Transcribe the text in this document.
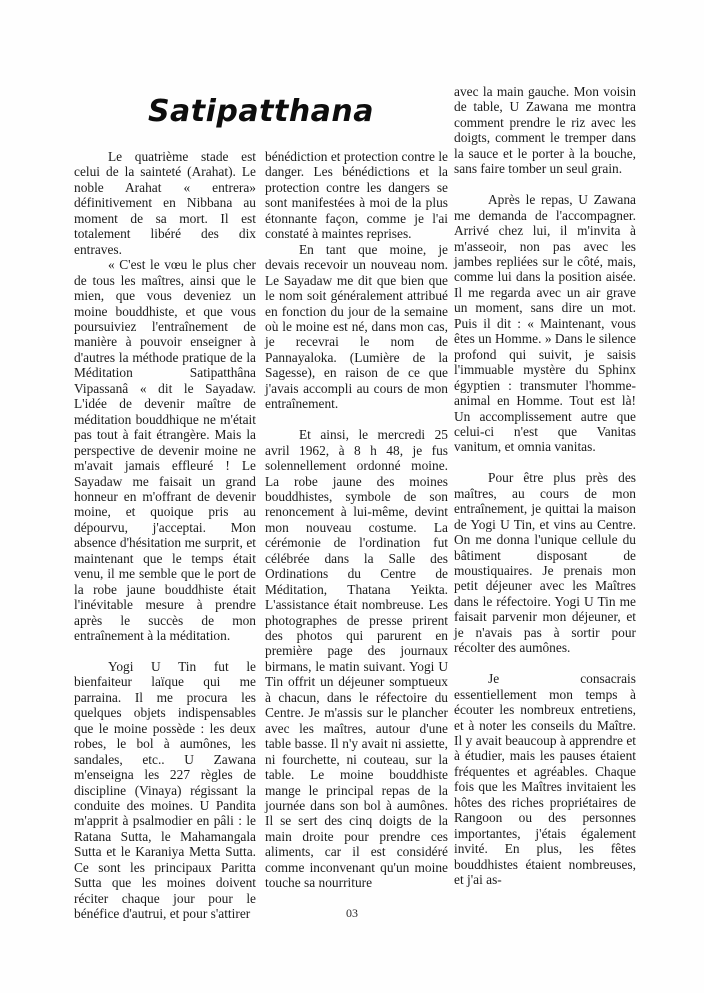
Satipatthana

Le quatrième stade est celui de la sainteté (Arahat). Le noble Arahat « entrera» définitivement en Nibbana au moment de sa mort. Il est totalement libéré des dix entraves.

« C'est le vœu le plus cher de tous les maîtres, ainsi que le mien, que vous deveniez un moine bouddhiste, et que vous poursuiviez l'entraînement de manière à pouvoir enseigner à d'autres la méthode pratique de la Méditation Satipatthâna Vipassanâ « dit le Sayadaw. L'idée de devenir maître de méditation bouddhique ne m'était pas tout à fait étrangère. Mais la perspective de devenir moine ne m'avait jamais effleuré ! Le Sayadaw me faisait un grand honneur en m'offrant de devenir moine, et quoique pris au dépourvu, j'acceptai. Mon absence d'hésitation me surprit, et maintenant que le temps était venu, il me semble que le port de la robe jaune bouddhiste était l'inévitable mesure à prendre après le succès de mon entraînement à la méditation.

Yogi U Tin fut le bienfaiteur laïque qui me parraina. Il me procura les quelques objets indispensables que le moine possède : les deux robes, le bol à aumônes, les sandales, etc.. U Zawana m'enseigna les 227 règles de discipline (Vinaya) régissant la conduite des moines. U Pandita m'apprit à psalmodier en pâli : le Ratana Sutta, le Mahamangala Sutta et le Karaniya Metta Sutta. Ce sont les principaux Paritta Sutta que les moines doivent réciter chaque jour pour le bénéfice d'autrui, et pour s'attirer

bénédiction et protection contre le danger. Les bénédictions et la protection contre les dangers se sont manifestées à moi de la plus étonnante façon, comme je l'ai constaté à maintes reprises.

En tant que moine, je devais recevoir un nouveau nom. Le Sayadaw me dit que bien que le nom soit généralement attribué en fonction du jour de la semaine où le moine est né, dans mon cas, je recevrai le nom de Pannayaloka. (Lumière de la Sagesse), en raison de ce que j'avais accompli au cours de mon entraînement.

Et ainsi, le mercredi 25 avril 1962, à 8 h 48, je fus solennellement ordonné moine. La robe jaune des moines bouddhistes, symbole de son renoncement à lui-même, devint mon nouveau costume. La cérémonie de l'ordination fut célébrée dans la Salle des Ordinations du Centre de Méditation, Thatana Yeikta. L'assistance était nombreuse. Les photographes de presse prirent des photos qui parurent en première page des journaux birmans, le matin suivant. Yogi U Tin offrit un déjeuner somptueux à chacun, dans le réfectoire du Centre. Je m'assis sur le plancher avec les maîtres, autour d'une table basse. Il n'y avait ni assiette, ni fourchette, ni couteau, sur la table. Le moine bouddhiste mange le principal repas de la journée dans son bol à aumônes. Il se sert des cinq doigts de la main droite pour prendre ces aliments, car il est considéré comme inconvenant qu'un moine touche sa nourriture

avec la main gauche. Mon voisin de table, U Zawana me montra comment prendre le riz avec les doigts, comment le tremper dans la sauce et le porter à la bouche, sans faire tomber un seul grain.

Après le repas, U Zawana me demanda de l'accompagner. Arrivé chez lui, il m'invita à m'asseoir, non pas avec les jambes repliées sur le côté, mais, comme lui dans la position aisée. Il me regarda avec un air grave un moment, sans dire un mot. Puis il dit : « Maintenant, vous êtes un Homme. » Dans le silence profond qui suivit, je saisis l'immuable mystère du Sphinx égyptien : transmuter l'homme-animal en Homme. Tout est là! Un accomplissement autre que celui-ci n'est que Vanitas vanitum, et omnia vanitas.

Pour être plus près des maîtres, au cours de mon entraînement, je quittai la maison de Yogi U Tin, et vins au Centre. On me donna l'unique cellule du bâtiment disposant de moustiquaires. Je prenais mon petit déjeuner avec les Maîtres dans le réfectoire. Yogi U Tin me faisait parvenir mon déjeuner, et je n'avais pas à sortir pour récolter des aumônes.

Je consacrais essentiellement mon temps à écouter les nombreux entretiens, et à noter les conseils du Maître. Il y avait beaucoup à apprendre et à étudier, mais les pauses étaient fréquentes et agréables. Chaque fois que les Maîtres invitaient les hôtes des riches propriétaires de Rangoon ou des personnes importantes, j'étais également invité. En plus, les fêtes bouddhistes étaient nombreuses, et j'ai as-

03
